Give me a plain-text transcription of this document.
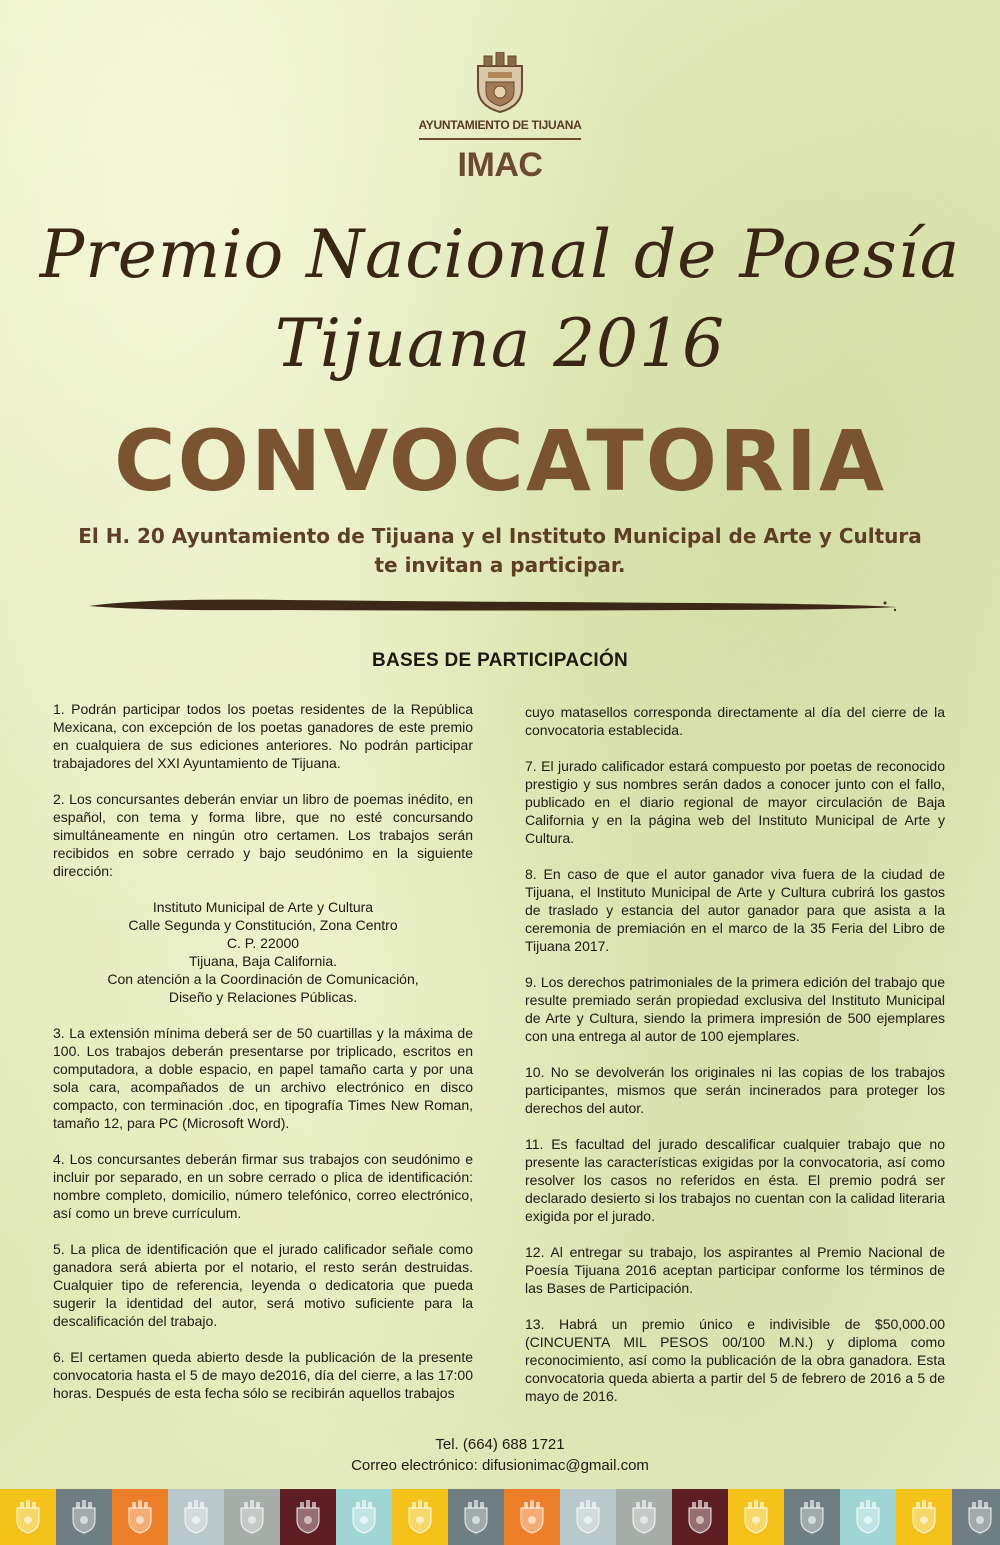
AYUNTAMIENTO DE TIJUANA
IMAC
Premio Nacional de Poesía
Tijuana 2016
CONVOCATORIA
El H. 20 Ayuntamiento de Tijuana y el Instituto Municipal de Arte y Cultura
te invitan a participar.
BASES DE PARTICIPACIÓN

1. Podrán participar todos los poetas residentes de la República Mexicana, con excepción de los poetas ganadores de este premio en cualquiera de sus ediciones anteriores. No podrán participar trabajadores del XXI Ayuntamiento de Tijuana.

2. Los concursantes deberán enviar un libro de poemas inédito, en español, con tema y forma libre, que no esté concursando simultáneamente en ningún otro certamen. Los trabajos serán recibidos en sobre cerrado y bajo seudónimo en la siguiente dirección:

Instituto Municipal de Arte y Cultura
Calle Segunda y Constitución, Zona Centro
C. P. 22000
Tijuana, Baja California.
Con atención a la Coordinación de Comunicación,
Diseño y Relaciones Públicas.

3. La extensión mínima deberá ser de 50 cuartillas y la máxima de 100. Los trabajos deberán presentarse por triplicado, escritos en computadora, a doble espacio, en papel tamaño carta y por una sola cara, acompañados de un archivo electrónico en disco compacto, con terminación .doc, en tipografía Times New Roman, tamaño 12, para PC (Microsoft Word).

4. Los concursantes deberán firmar sus trabajos con seudónimo e incluir por separado, en un sobre cerrado o plica de identificación: nombre completo, domicilio, número telefónico, correo electrónico, así como un breve currículum.

5. La plica de identificación que el jurado calificador señale como ganadora será abierta por el notario, el resto serán destruidas. Cualquier tipo de referencia, leyenda o dedicatoria que pueda sugerir la identidad del autor, será motivo suficiente para la descalificación del trabajo.

6. El certamen queda abierto desde la publicación de la presente convocatoria hasta el 5 de mayo de2016, día del cierre, a las 17:00 horas. Después de esta fecha sólo se recibirán aquellos trabajos

cuyo matasellos corresponda directamente al día del cierre de la convocatoria establecida.

7. El jurado calificador estará compuesto por poetas de reconocido prestigio y sus nombres serán dados a conocer junto con el fallo, publicado en el diario regional de mayor circulación de Baja California y en la página web del Instituto Municipal de Arte y Cultura.

8. En caso de que el autor ganador viva fuera de la ciudad de Tijuana, el Instituto Municipal de Arte y Cultura cubrirá los gastos de traslado y estancia del autor ganador para que asista a la ceremonia de premiación en el marco de la 35 Feria del Libro de Tijuana 2017.

9. Los derechos patrimoniales de la primera edición del trabajo que resulte premiado serán propiedad exclusiva del Instituto Municipal de Arte y Cultura, siendo la primera impresión de 500 ejemplares con una entrega al autor de 100 ejemplares.

10. No se devolverán los originales ni las copias de los trabajos participantes, mismos que serán incinerados para proteger los derechos del autor.

11. Es facultad del jurado descalificar cualquier trabajo que no presente las características exigidas por la convocatoria, así como resolver los casos no referidos en ésta. El premio podrá ser declarado desierto si los trabajos no cuentan con la calidad literaria exigida por el jurado.

12. Al entregar su trabajo, los aspirantes al Premio Nacional de Poesía Tijuana 2016 aceptan participar conforme los términos de las Bases de Participación.

13. Habrá un premio único e indivisible de $50,000.00 (CINCUENTA MIL PESOS 00/100 M.N.) y diploma como reconocimiento, así como la publicación de la obra ganadora. Esta convocatoria queda abierta a partir del 5 de febrero de 2016 a 5 de mayo de 2016.

Tel. (664) 688 1721
Correo electrónico: difusionimac@gmail.com
